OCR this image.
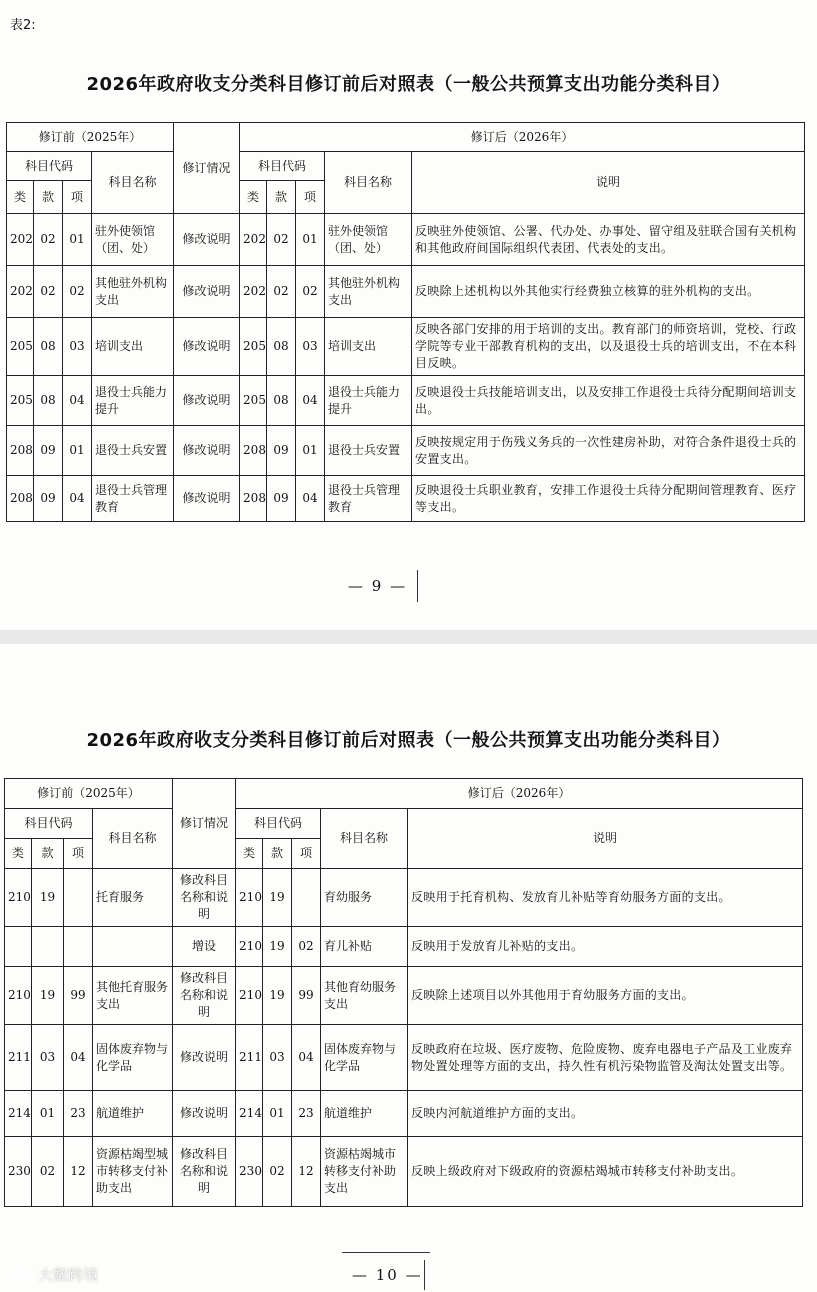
表2:
2026年政府收支分类科目修订前后对照表（一般公共预算支出功能分类科目）
修订前（2025年）				修订情况	修订后（2026年）				
科目代码			科目名称		科目代码			科目名称	说明
类	款	项			类	款	项		
202	02	01	驻外使领馆（团、处）	修改说明	202	02	01	驻外使领馆（团、处）	反映驻外使领馆、公署、代办处、办事处、留守组及驻联合国有关机构和其他政府间国际组织代表团、代表处的支出。
202	02	02	其他驻外机构支出	修改说明	202	02	02	其他驻外机构支出	反映除上述机构以外其他实行经费独立核算的驻外机构的支出。
205	08	03	培训支出	修改说明	205	08	03	培训支出	反映各部门安排的用于培训的支出。教育部门的师资培训，党校、行政学院等专业干部教育机构的支出，以及退役士兵的培训支出，不在本科目反映。
205	08	04	退役士兵能力提升	修改说明	205	08	04	退役士兵能力提升	反映退役士兵技能培训支出，以及安排工作退役士兵待分配期间培训支出。
208	09	01	退役士兵安置	修改说明	208	09	01	退役士兵安置	反映按规定用于伤残义务兵的一次性建房补助，对符合条件退役士兵的安置支出。
208	09	04	退役士兵管理教育	修改说明	208	09	04	退役士兵管理教育	反映退役士兵职业教育，安排工作退役士兵待分配期间管理教育、医疗等支出。
— 9 —
2026年政府收支分类科目修订前后对照表（一般公共预算支出功能分类科目）
修订前（2025年）				修订情况	修订后（2026年）				
科目代码			科目名称		科目代码			科目名称	说明
类	款	项			类	款	项		
210	19		托育服务	修改科目名称和说明	210	19		育幼服务	反映用于托育机构、发放育儿补贴等育幼服务方面的支出。
				增设	210	19	02	育儿补贴	反映用于发放育儿补贴的支出。
210	19	99	其他托育服务支出	修改科目名称和说明	210	19	99	其他育幼服务支出	反映除上述项目以外其他用于育幼服务方面的支出。
211	03	04	固体废弃物与化学品	修改说明	211	03	04	固体废弃物与化学品	反映政府在垃圾、医疗废物、危险废物、废弃电器电子产品及工业废弃物处置处理等方面的支出，持久性有机污染物监管及淘汰处置支出等。
214	01	23	航道维护	修改说明	214	01	23	航道维护	反映内河航道维护方面的支出。
230	02	12	资源枯竭型城市转移支付补助支出	修改科目名称和说明	230	02	12	资源枯竭城市转移支付补助支出	反映上级政府对下级政府的资源枯竭城市转移支付补助支出。
— 10 —
大數跨境
